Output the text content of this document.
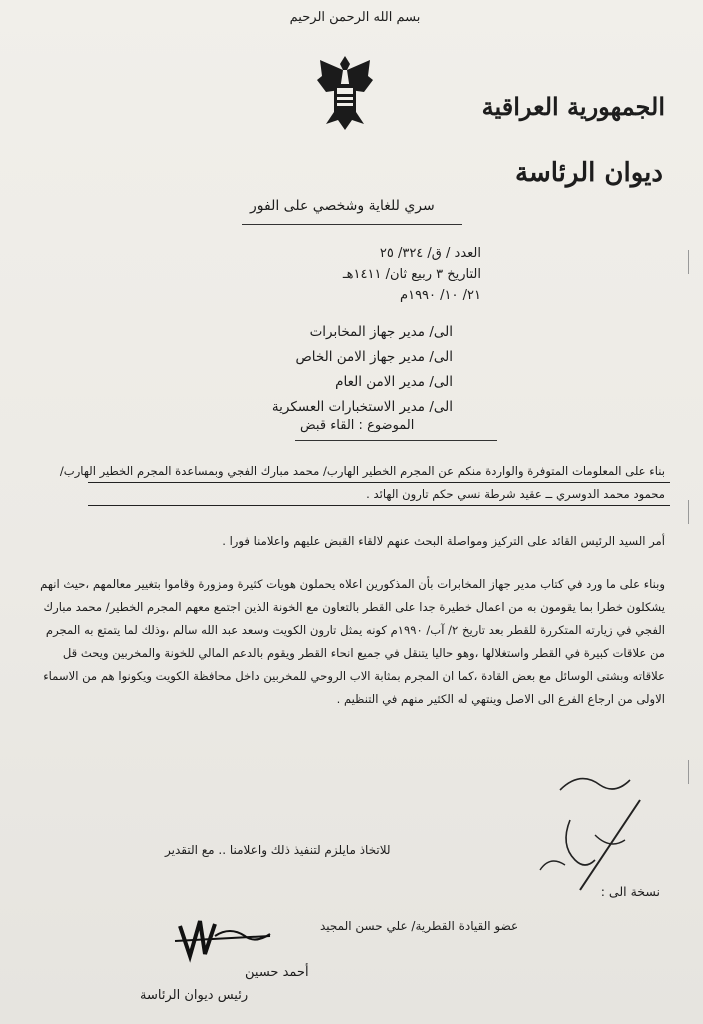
بسم الله الرحمن الرحيم
الجمهورية العراقية
ديوان الرئاسة
سري للغاية وشخصي على الفور
العدد / ق/ ٣٢٤/ ٢٥
التاريخ ٣ ربيع ثان/ ١٤١١هـ
٢١/ ١٠/ ١٩٩٠م
الى/ مدير جهاز المخابرات
الى/ مدير جهاز الامن الخاص
الى/ مدير الامن العام
الى/ مدير الاستخبارات العسكرية
الموضوع : القاء قبض
بناء على المعلومات المتوفرة والواردة منكم عن المجرم الخطير الهارب/ محمد مبارك الفجي وبمساعدة المجرم الخطير الهارب/ محمود محمد الدوسري ــ عقيد شرطة نسي حكم تارون الهائد .
أمر السيد الرئيس القائد على التركيز ومواصلة البحث عنهم لالقاء القبض عليهم واعلامنا فورا .
وبناء على ما ورد في كتاب مدير جهاز المخابرات بأن المذكورين اعلاه يحملون هويات كثيرة ومزورة وقاموا بتغيير معالمهم ،حيث انهم يشكلون خطرا بما يقومون به من اعمال خطيرة جدا على القطر بالتعاون مع الخونة الذين اجتمع معهم المجرم الخطير/ محمد مبارك الفجي في زيارته المتكررة للقطر بعد تاريخ ٢/ آب/ ١٩٩٠م كونه يمثل تارون الكويت وسعد عبد الله سالم ،وذلك لما يتمتع به المجرم من علاقات كبيرة في القطر واستغلالها ،وهو حاليا يتنقل في جميع انحاء القطر ويقوم بالدعم المالي للخونة والمخربين ويحث قل علاقاته وبشتى الوسائل مع بعض القادة ،كما ان المجرم بمثابة الاب الروحي للمخربين داخل محافظة الكويت ويكونوا هم من الاسماء الاولى من ارجاع الفرع الى الاصل وينتهي له الكثير منهم في التنظيم .
للاتخاذ مايلزم لتنفيذ ذلك واعلامنا .. مع التقدير
نسخة الى :
عضو القيادة القطرية/ علي حسن المجيد
أحمد حسين
رئيس ديوان الرئاسة
